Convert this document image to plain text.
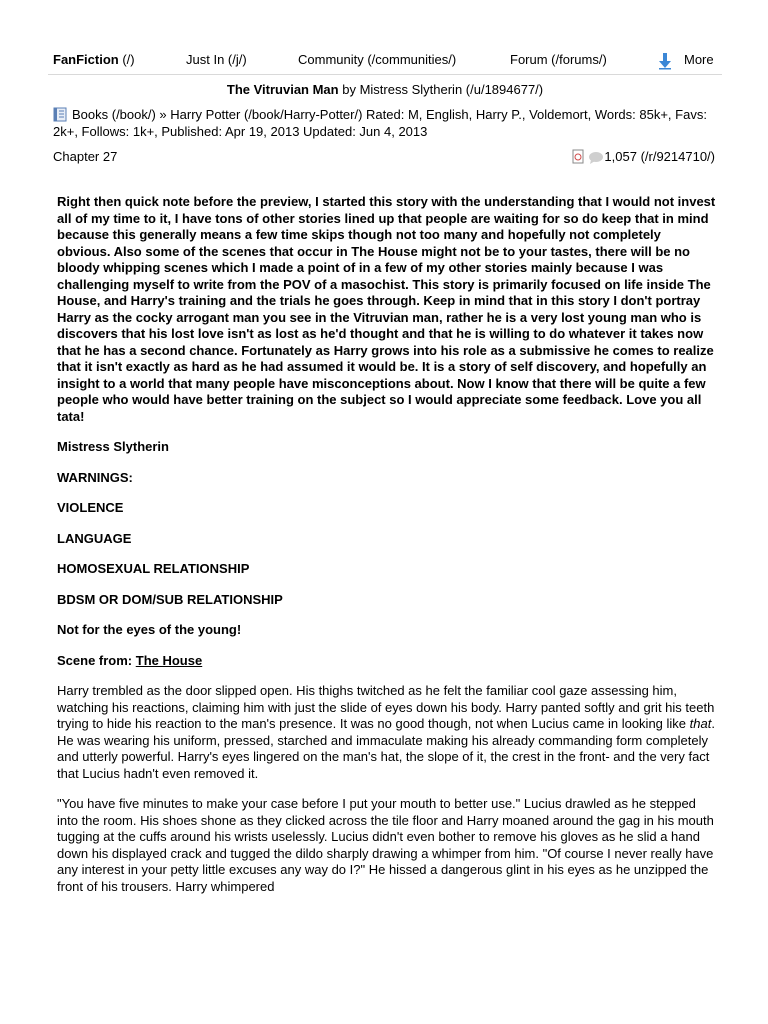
FanFiction (/)	Just In (/j/)	Community (/communities/)	Forum (/forums/)	More
The Vitruvian Man by Mistress Slytherin (/u/1894677/)
Books (/book/) » Harry Potter (/book/Harry-Potter/) Rated: M, English, Harry P., Voldemort, Words: 85k+, Favs: 2k+, Follows: 1k+, Published: Apr 19, 2013 Updated: Jun 4, 2013
Chapter 27	1,057 (/r/9214710/)

Right then quick note before the preview, I started this story with the understanding that I would not invest all of my time to it, I have tons of other stories lined up that people are waiting for so do keep that in mind because this generally means a few time skips though not too many and hopefully not completely obvious. Also some of the scenes that occur in The House might not be to your tastes, there will be no bloody whipping scenes which I made a point of in a few of my other stories mainly because I was challenging myself to write from the POV of a masochist. This story is primarily focused on life inside The House, and Harry's training and the trials he goes through. Keep in mind that in this story I don't portray Harry as the cocky arrogant man you see in the Vitruvian man, rather he is a very lost young man who is discovers that his lost love isn't as lost as he'd thought and that he is willing to do whatever it takes now that he has a second chance. Fortunately as Harry grows into his role as a submissive he comes to realize that it isn't exactly as hard as he had assumed it would be. It is a story of self discovery, and hopefully an insight to a world that many people have misconceptions about. Now I know that there will be quite a few people who would have better training on the subject so I would appreciate some feedback. Love you all tata!

Mistress Slytherin

WARNINGS:

VIOLENCE

LANGUAGE

HOMOSEXUAL RELATIONSHIP

BDSM OR DOM/SUB RELATIONSHIP

Not for the eyes of the young!

Scene from: The House

Harry trembled as the door slipped open. His thighs twitched as he felt the familiar cool gaze assessing him, watching his reactions, claiming him with just the slide of eyes down his body. Harry panted softly and grit his teeth trying to hide his reaction to the man's presence. It was no good though, not when Lucius came in looking like that. He was wearing his uniform, pressed, starched and immaculate making his already commanding form completely and utterly powerful. Harry's eyes lingered on the man's hat, the slope of it, the crest in the front- and the very fact that Lucius hadn't even removed it.

"You have five minutes to make your case before I put your mouth to better use." Lucius drawled as he stepped into the room. His shoes shone as they clicked across the tile floor and Harry moaned around the gag in his mouth tugging at the cuffs around his wrists uselessly. Lucius didn't even bother to remove his gloves as he slid a hand down his displayed crack and tugged the dildo sharply drawing a whimper from him. "Of course I never really have any interest in your petty little excuses any way do I?" He hissed a dangerous glint in his eyes as he unzipped the front of his trousers. Harry whimpered
